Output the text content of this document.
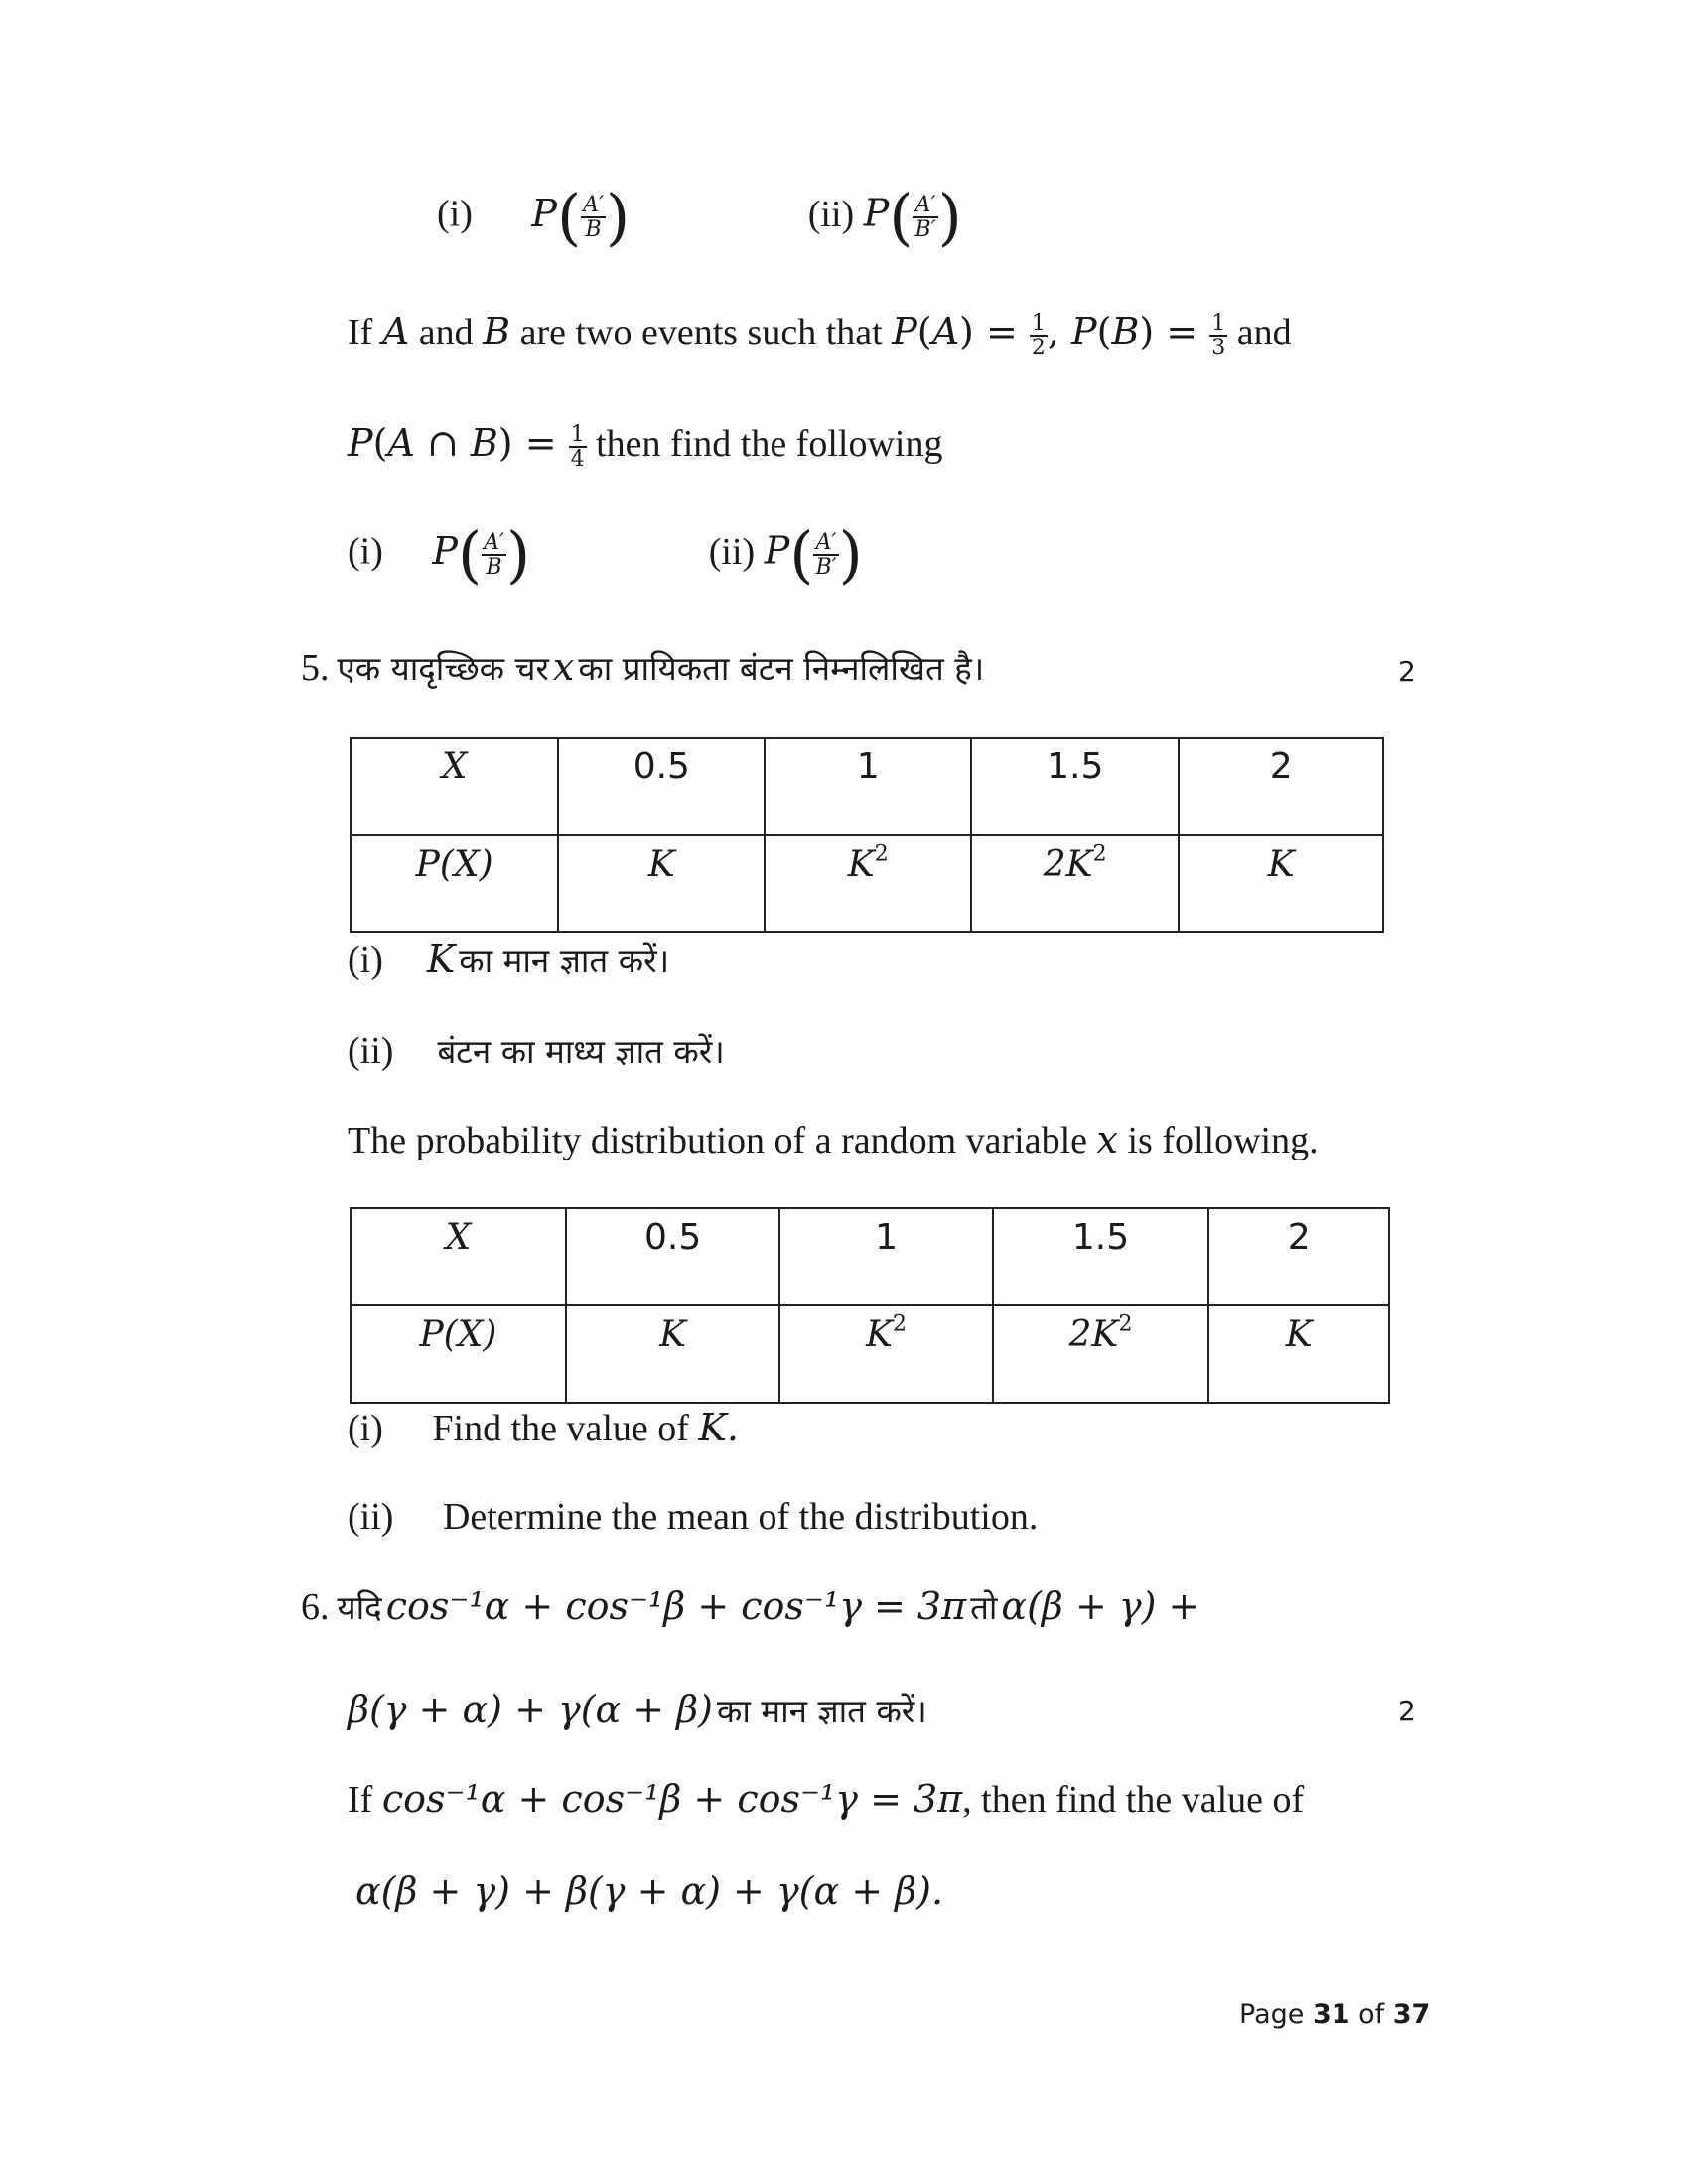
(i) $P( \frac{A'}{B}$ )	(ii) $P( \frac{A'}{B'}$ )
If A and B are two events such that $P(A) = \frac{1}{2}$ , $P(B) = \frac{1}{3}$ and
P(A ∩ $B) = \frac{1}{4}$ then find the following
(i) $P( \frac{A'}{B}$ )	(ii) $P( \frac{A'}{B'}$ )
5. एक यादृच्छिक चर x का प्रायिकता बंटन निम्नलिखित है।	2
X	0.5	1	1.5	2
P(X)	K	$K^2$	$2K^2$	K
(i) K का मान ज्ञात करें।
(ii) बंटन का माध्य ज्ञात करें।
The probability distribution of a random variable x is following.
X	0.5	1	1.5	2
P(X)	K	$K^2$	$2K^2$	K
(i) Find the value of K.
(ii) Determine the mean of the distribution.
6. यदि cos⁻¹α + cos⁻¹β + cos⁻¹γ = 3π तो α(β + γ) +
β(γ + α) + γ(α + β) का मान ज्ञात करें।	2
If cos⁻¹α + cos⁻¹β + cos⁻¹γ = 3π, then find the value of
α(β + γ) + β(γ + α) + γ(α + β).
Page 31 of 37
